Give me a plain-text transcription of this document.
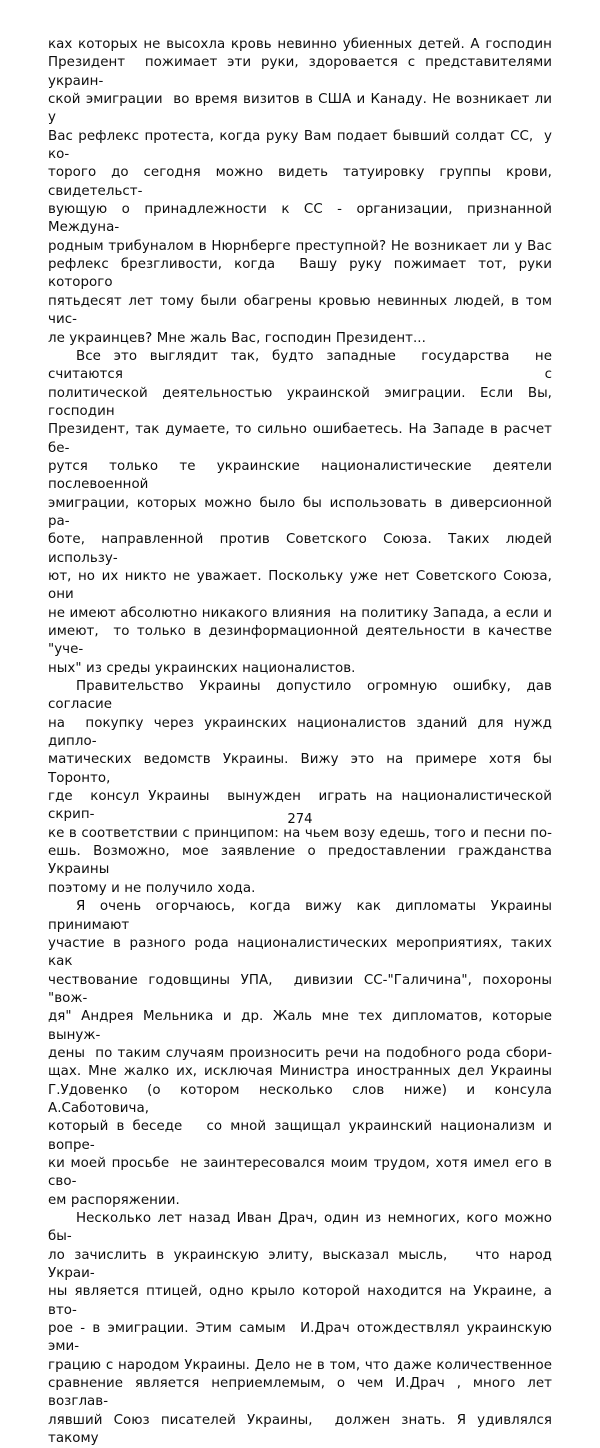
ках которых не высохла кровь невинно убиенных детей. А господин
Президент  пожимает эти руки, здоровается с представителями украин-
ской эмиграции  во время визитов в США и Канаду. Не возникает ли у
Вас рефлекс протеста, когда руку Вам подает бывший солдат СС,  у ко-
торого до сегодня можно видеть татуировку группы крови, свидетельст-
вующую о принадлежности к СС - организации, признанной Междуна-
родным трибуналом в Нюрнберге преступной? Не возникает ли у Вас
рефлекс брезгливости, когда  Вашу руку пожимает тот, руки которого
пятьдесят лет тому были обагрены кровью невинных людей, в том чис-
ле украинцев? Мне жаль Вас, господин Президент...

Все это выглядит так, будто западные  государства  не считаются с
политической деятельностью украинской эмиграции. Если Вы, господин
Президент, так думаете, то сильно ошибаетесь. На Западе в расчет бе-
рутся только те украинские националистические деятели послевоенной
эмиграции, которых можно было бы использовать в диверсионной ра-
боте, направленной против Советского Союза. Таких людей использу-
ют, но их никто не уважает. Поскольку уже нет Советского Союза, они
не имеют абсолютно никакого влияния  на политику Запада, а если и
имеют,  то только в дезинформационной деятельности в качестве "уче-
ных" из среды украинских националистов.

Правительство Украины допустило огромную ошибку, дав согласие
на  покупку через украинских националистов зданий для нужд дипло-
матических ведомств Украины. Вижу это на примере хотя бы Торонто,
где  консул Украины  вынужден  играть на националистической скрип-
ке в соответствии с принципом: на чьем возу едешь, того и песни по-
ешь. Возможно, мое заявление о предоставлении гражданства Украины
поэтому и не получило хода.

Я очень огорчаюсь, когда вижу как дипломаты Украины принимают
участие в разного рода националистических мероприятиях, таких как
чествование годовщины УПА,  дивизии СС-"Галичина", похороны "вож-
дя" Андрея Мельника и др. Жаль мне тех дипломатов, которые вынуж-
дены  по таким случаям произносить речи на подобного рода сбори-
щах. Мне жалко их, исключая Министра иностранных дел Украины
Г.Удовенко (о котором несколько слов ниже) и консула А.Саботовича,
который в беседе   со мной защищал украинский национализм и вопре-
ки моей просьбе  не заинтересовался моим трудом, хотя имел его в сво-
ем распоряжении.

Несколько лет назад Иван Драч, один из немногих, кого можно бы-
ло зачислить в украинскую элиту, высказал мысль,   что народ Украи-
ны является птицей, одно крыло которой находится на Украине, а вто-
рое - в эмиграции. Этим самым  И.Драч отождествлял украинскую эми-
грацию с народом Украины. Дело не в том, что даже количественное
сравнение является неприемлемым, о чем И.Драч , много лет  возглав-
лявший Союз писателей Украины,  должен знать. Я удивлялся такому

274
